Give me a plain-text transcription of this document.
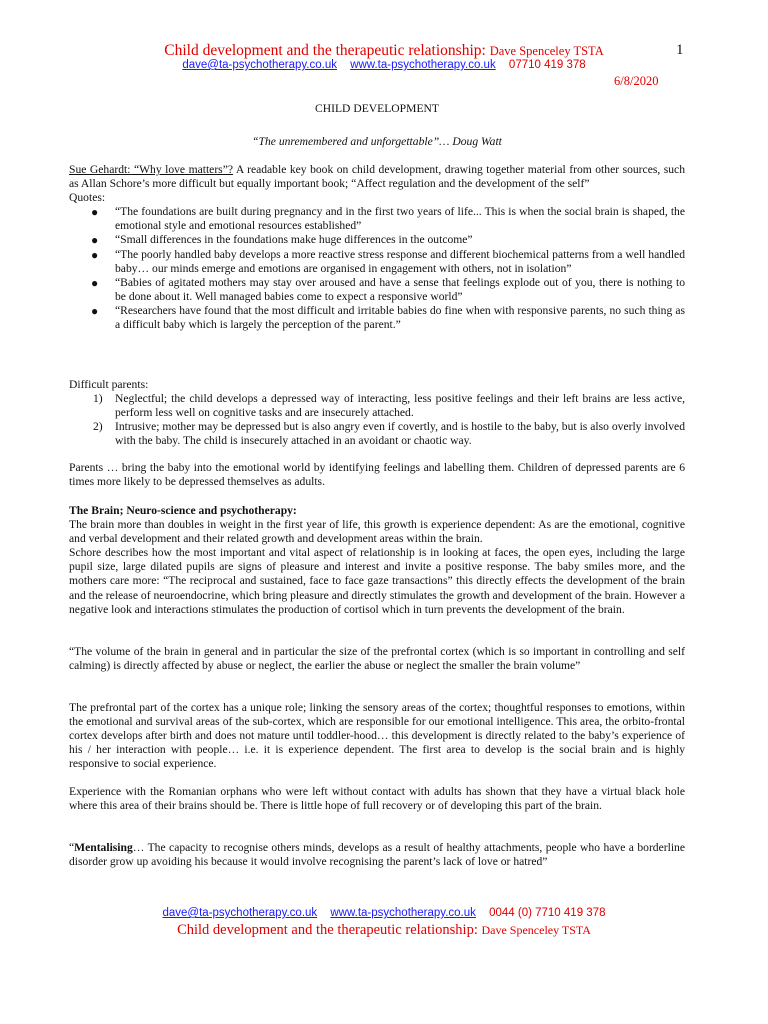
Child development and the therapeutic relationship: Dave Spenceley TSTA	1
dave@ta-psychotherapy.co.uk www.ta-psychotherapy.co.uk 07710 419 378
6/8/2020

CHILD DEVELOPMENT

“The unremembered and unforgettable”… Doug Watt

Sue Gehardt: “Why love matters”? A readable key book on child development, drawing together material from other sources, such as Allan Schore’s more difficult but equally important book; “Affect regulation and the development of the self”

Quotes:

● “The foundations are built during pregnancy and in the first two years of life... This is when the social brain is shaped, the emotional style and emotional resources established”
● “Small differences in the foundations make huge differences in the outcome”
● “The poorly handled baby develops a more reactive stress response and different biochemical patterns from a well handled baby… our minds emerge and emotions are organised in engagement with others, not in isolation”
● “Babies of agitated mothers may stay over aroused and have a sense that feelings explode out of you, there is nothing to be done about it. Well managed babies come to expect a responsive world”
● “Researchers have found that the most difficult and irritable babies do fine when with responsive parents, no such thing as a difficult baby which is largely the perception of the parent.”

Difficult parents:

1) Neglectful; the child develops a depressed way of interacting, less positive feelings and their left brains are less active, perform less well on cognitive tasks and are insecurely attached.
2) Intrusive; mother may be depressed but is also angry even if covertly, and is hostile to the baby, but is also overly involved with the baby. The child is insecurely attached in an avoidant or chaotic way.

Parents … bring the baby into the emotional world by identifying feelings and labelling them. Children of depressed parents are 6 times more likely to be depressed themselves as adults.

The Brain; Neuro-science and psychotherapy:

The brain more than doubles in weight in the first year of life, this growth is experience dependent: As are the emotional, cognitive and verbal development and their related growth and development areas within the brain.

Schore describes how the most important and vital aspect of relationship is in looking at faces, the open eyes, including the large pupil size, large dilated pupils are signs of pleasure and interest and invite a positive response. The baby smiles more, and the mothers care more: “The reciprocal and sustained, face to face gaze transactions” this directly effects the development of the brain and the release of neuroendocrine, which bring pleasure and directly stimulates the growth and development of the brain. However a negative look and interactions stimulates the production of cortisol which in turn prevents the development of the brain.

“The volume of the brain in general and in particular the size of the prefrontal cortex (which is so important in controlling and self calming) is directly affected by abuse or neglect, the earlier the abuse or neglect the smaller the brain volume”

The prefrontal part of the cortex has a unique role; linking the sensory areas of the cortex; thoughtful responses to emotions, within the emotional and survival areas of the sub-cortex, which are responsible for our emotional intelligence. This area, the orbito-frontal cortex develops after birth and does not mature until toddler-hood… this development is directly related to the baby’s experience of his / her interaction with people… i.e. it is experience dependent. The first area to develop is the social brain and is highly responsive to social experience.

Experience with the Romanian orphans who were left without contact with adults has shown that they have a virtual black hole where this area of their brains should be. There is little hope of full recovery or of developing this part of the brain.

“Mentalising… The capacity to recognise others minds, develops as a result of healthy attachments, people who have a borderline disorder grow up avoiding his because it would involve recognising the parent’s lack of love or hatred”

dave@ta-psychotherapy.co.uk www.ta-psychotherapy.co.uk 0044 (0) 7710 419 378
Child development and the therapeutic relationship: Dave Spenceley TSTA
